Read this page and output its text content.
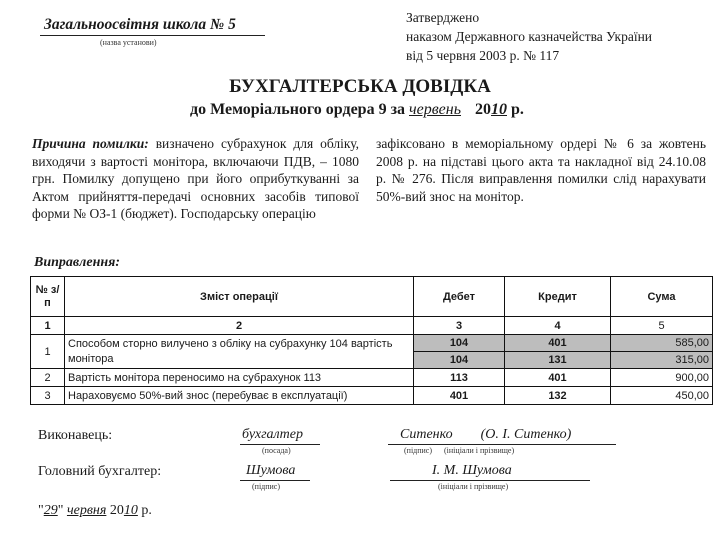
Загальноосвітня школа № 5
(назва установи)
Затверджено
наказом Державного казначейства України
від 5 червня 2003 р. № 117
БУХГАЛТЕРСЬКА ДОВІДКА
до Меморіального ордера 9 за червень 2010 р.
Причина помилки: визначено субрахунок для обліку, виходячи з вартості монітора, включаючи ПДВ, – 1080 грн. Помилку допущено при його оприбуткуванні за Актом прийняття-передачі основних засобів типової форми № ОЗ-1 (бюджет). Господарську операцію
зафіксовано в меморіальному ордері № 6 за жовтень 2008 р. на підставі цього акта та накладної від 24.10.08 р. № 276. Після виправлення помилки слід нарахувати 50%-вий знос на монітор.
Виправлення:
№ з/п	Зміст операції	Дебет	Кредит	Сума
1	2	3	4	5
1	Способом сторно вилучено з обліку на субрахунку 104 вартість монітора	104	401	585,00
		104	131	315,00
2	Вартість монітора переносимо на субрахунок 113	113	401	900,00
3	Нараховуємо 50%-вий знос (перебуває в експлуатації)	401	132	450,00
Виконавець:	бухгалтер
(посада)
Ситенко        (О. І. Ситенко)
(підпис)      (ініціали і прізвище)
Головний бухгалтер:	Шумова
(підпис)
І. М. Шумова
(ініціали і прізвище)
"29" червня 2010 р.
